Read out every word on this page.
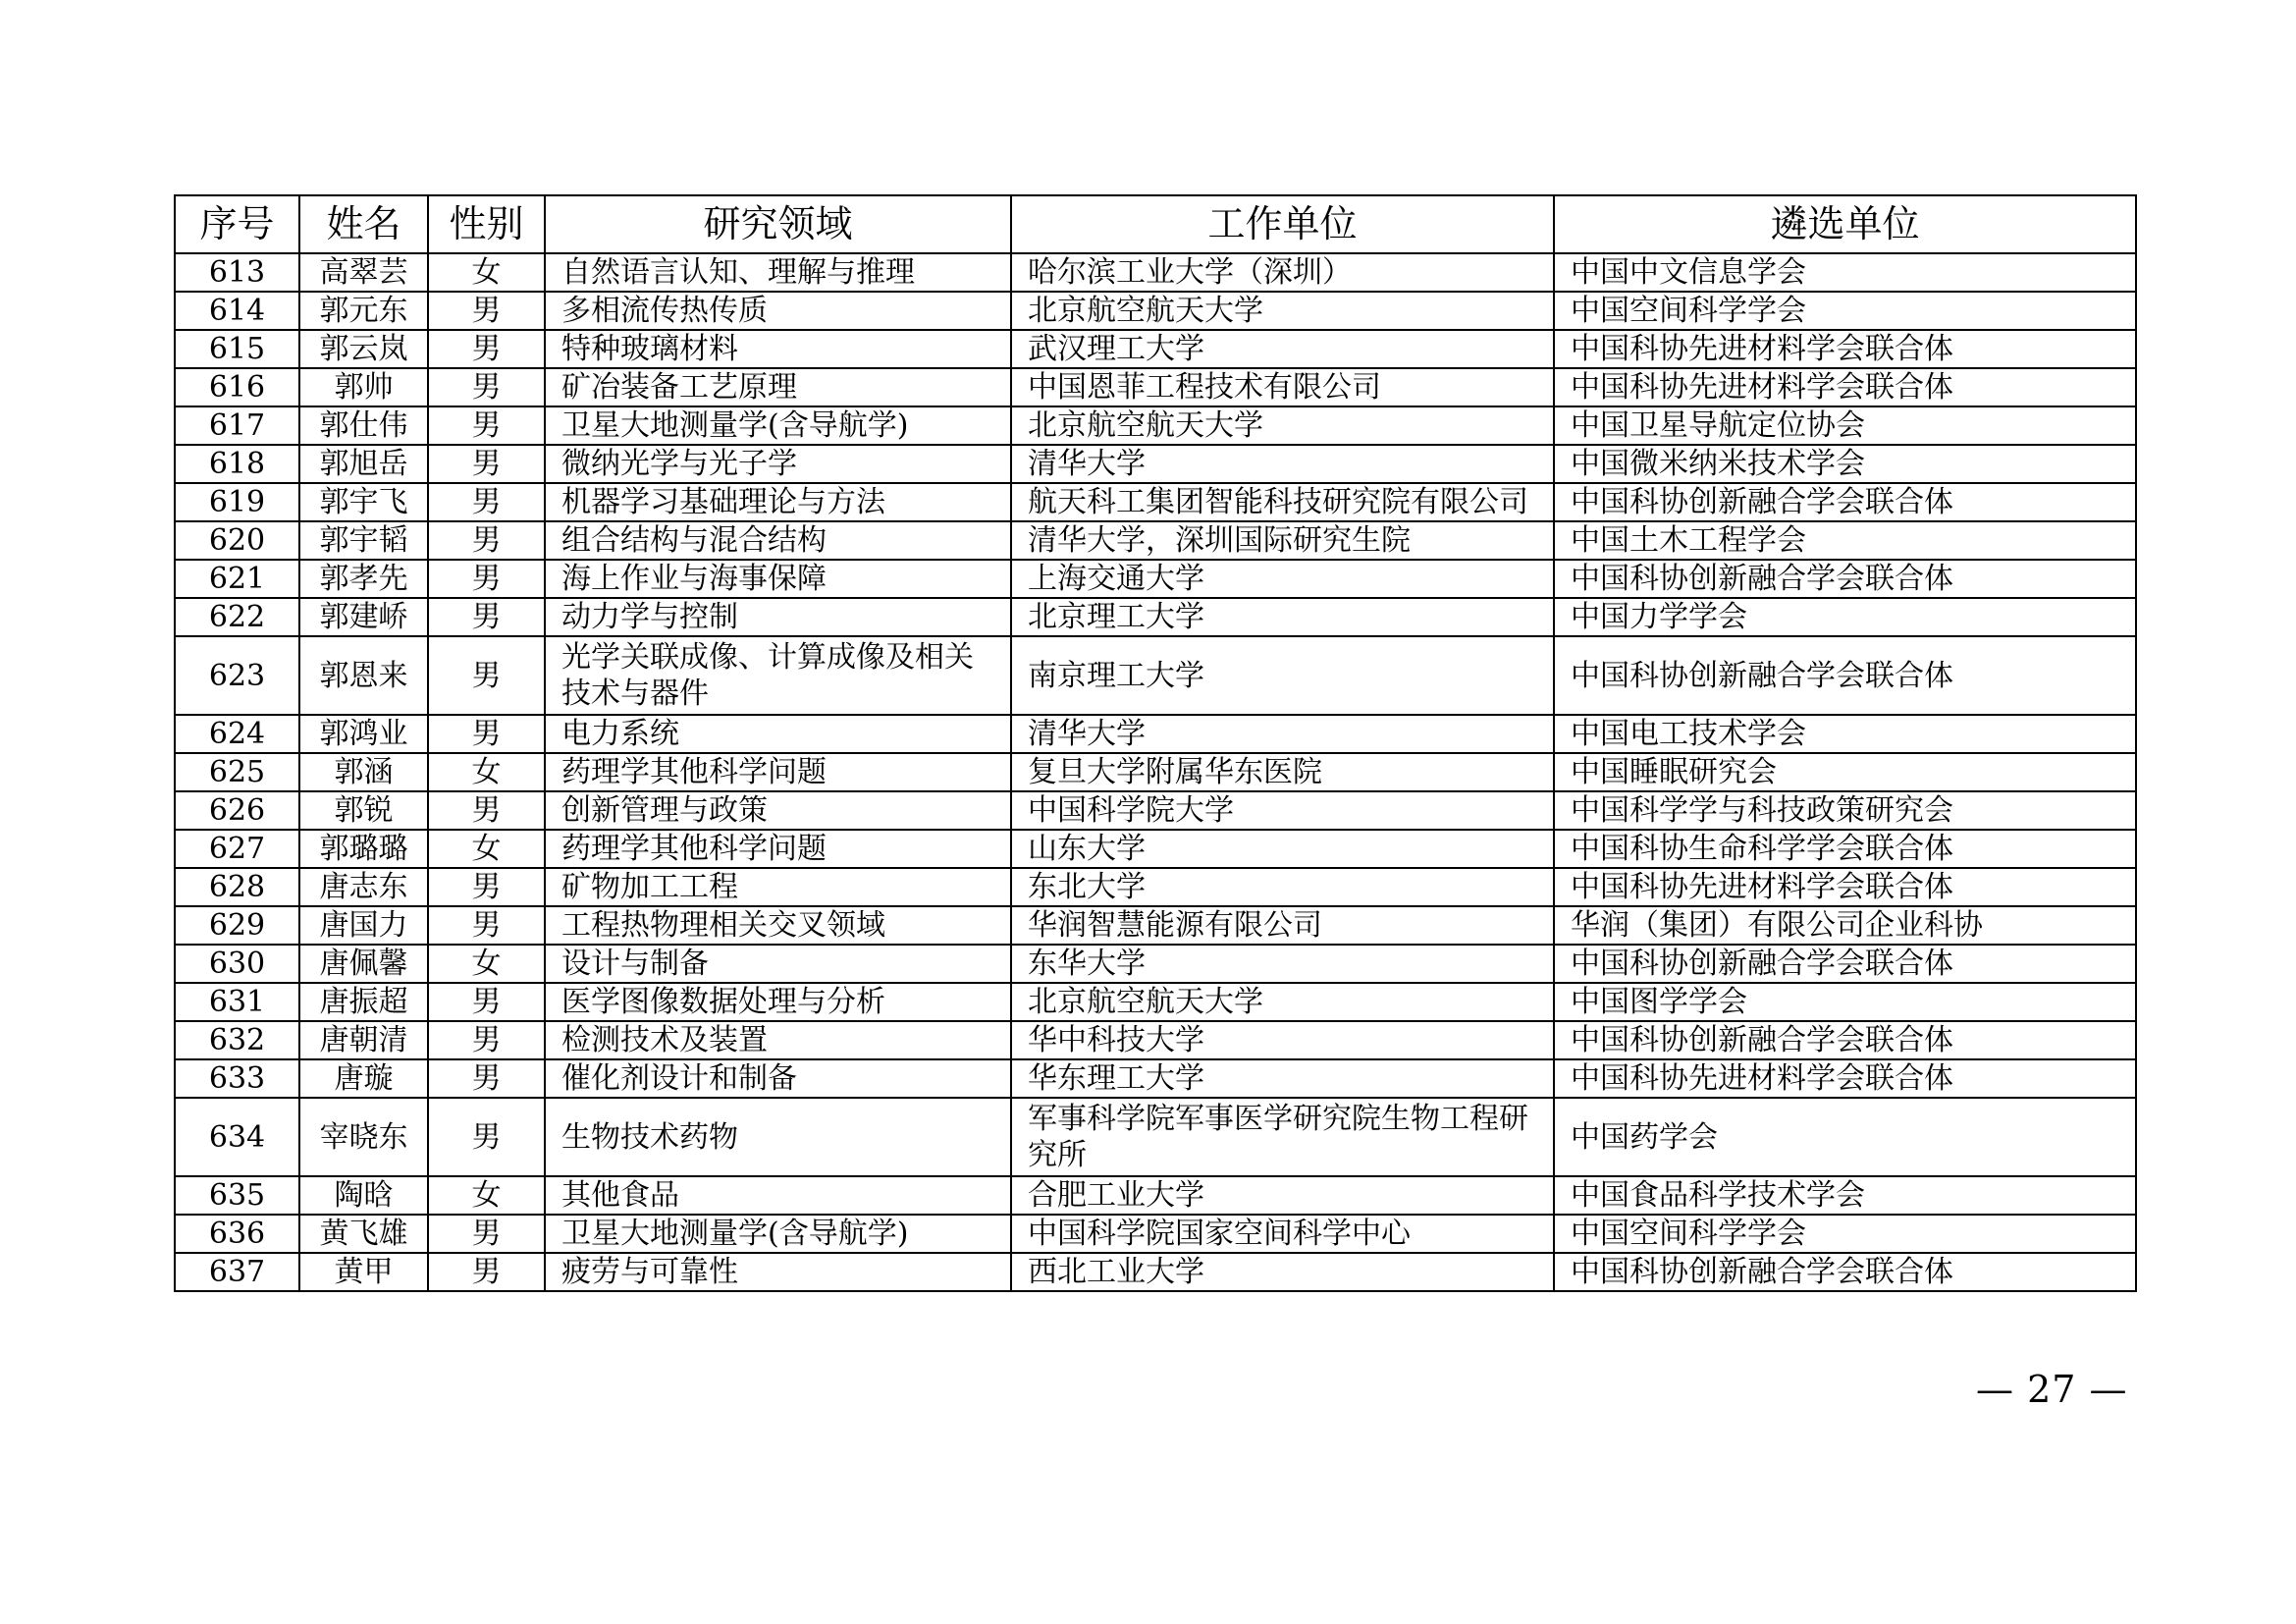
序号	姓名	性别	研究领域	工作单位	遴选单位
613	高翠芸	女	自然语言认知、理解与推理	哈尔滨工业大学（深圳）	中国中文信息学会
614	郭元东	男	多相流传热传质	北京航空航天大学	中国空间科学学会
615	郭云岚	男	特种玻璃材料	武汉理工大学	中国科协先进材料学会联合体
616	郭帅	男	矿冶装备工艺原理	中国恩菲工程技术有限公司	中国科协先进材料学会联合体
617	郭仕伟	男	卫星大地测量学(含导航学)	北京航空航天大学	中国卫星导航定位协会
618	郭旭岳	男	微纳光学与光子学	清华大学	中国微米纳米技术学会
619	郭宇飞	男	机器学习基础理论与方法	航天科工集团智能科技研究院有限公司	中国科协创新融合学会联合体
620	郭宇韬	男	组合结构与混合结构	清华大学，深圳国际研究生院	中国土木工程学会
621	郭孝先	男	海上作业与海事保障	上海交通大学	中国科协创新融合学会联合体
622	郭建峤	男	动力学与控制	北京理工大学	中国力学学会
623	郭恩来	男	光学关联成像、计算成像及相关技术与器件	南京理工大学	中国科协创新融合学会联合体
624	郭鸿业	男	电力系统	清华大学	中国电工技术学会
625	郭涵	女	药理学其他科学问题	复旦大学附属华东医院	中国睡眠研究会
626	郭锐	男	创新管理与政策	中国科学院大学	中国科学学与科技政策研究会
627	郭璐璐	女	药理学其他科学问题	山东大学	中国科协生命科学学会联合体
628	唐志东	男	矿物加工工程	东北大学	中国科协先进材料学会联合体
629	唐国力	男	工程热物理相关交叉领域	华润智慧能源有限公司	华润（集团）有限公司企业科协
630	唐佩馨	女	设计与制备	东华大学	中国科协创新融合学会联合体
631	唐振超	男	医学图像数据处理与分析	北京航空航天大学	中国图学学会
632	唐朝清	男	检测技术及装置	华中科技大学	中国科协创新融合学会联合体
633	唐璇	男	催化剂设计和制备	华东理工大学	中国科协先进材料学会联合体
634	宰晓东	男	生物技术药物	军事科学院军事医学研究院生物工程研究所	中国药学会
635	陶晗	女	其他食品	合肥工业大学	中国食品科学技术学会
636	黄飞雄	男	卫星大地测量学(含导航学)	中国科学院国家空间科学中心	中国空间科学学会
637	黄甲	男	疲劳与可靠性	西北工业大学	中国科协创新融合学会联合体
— 27 —
